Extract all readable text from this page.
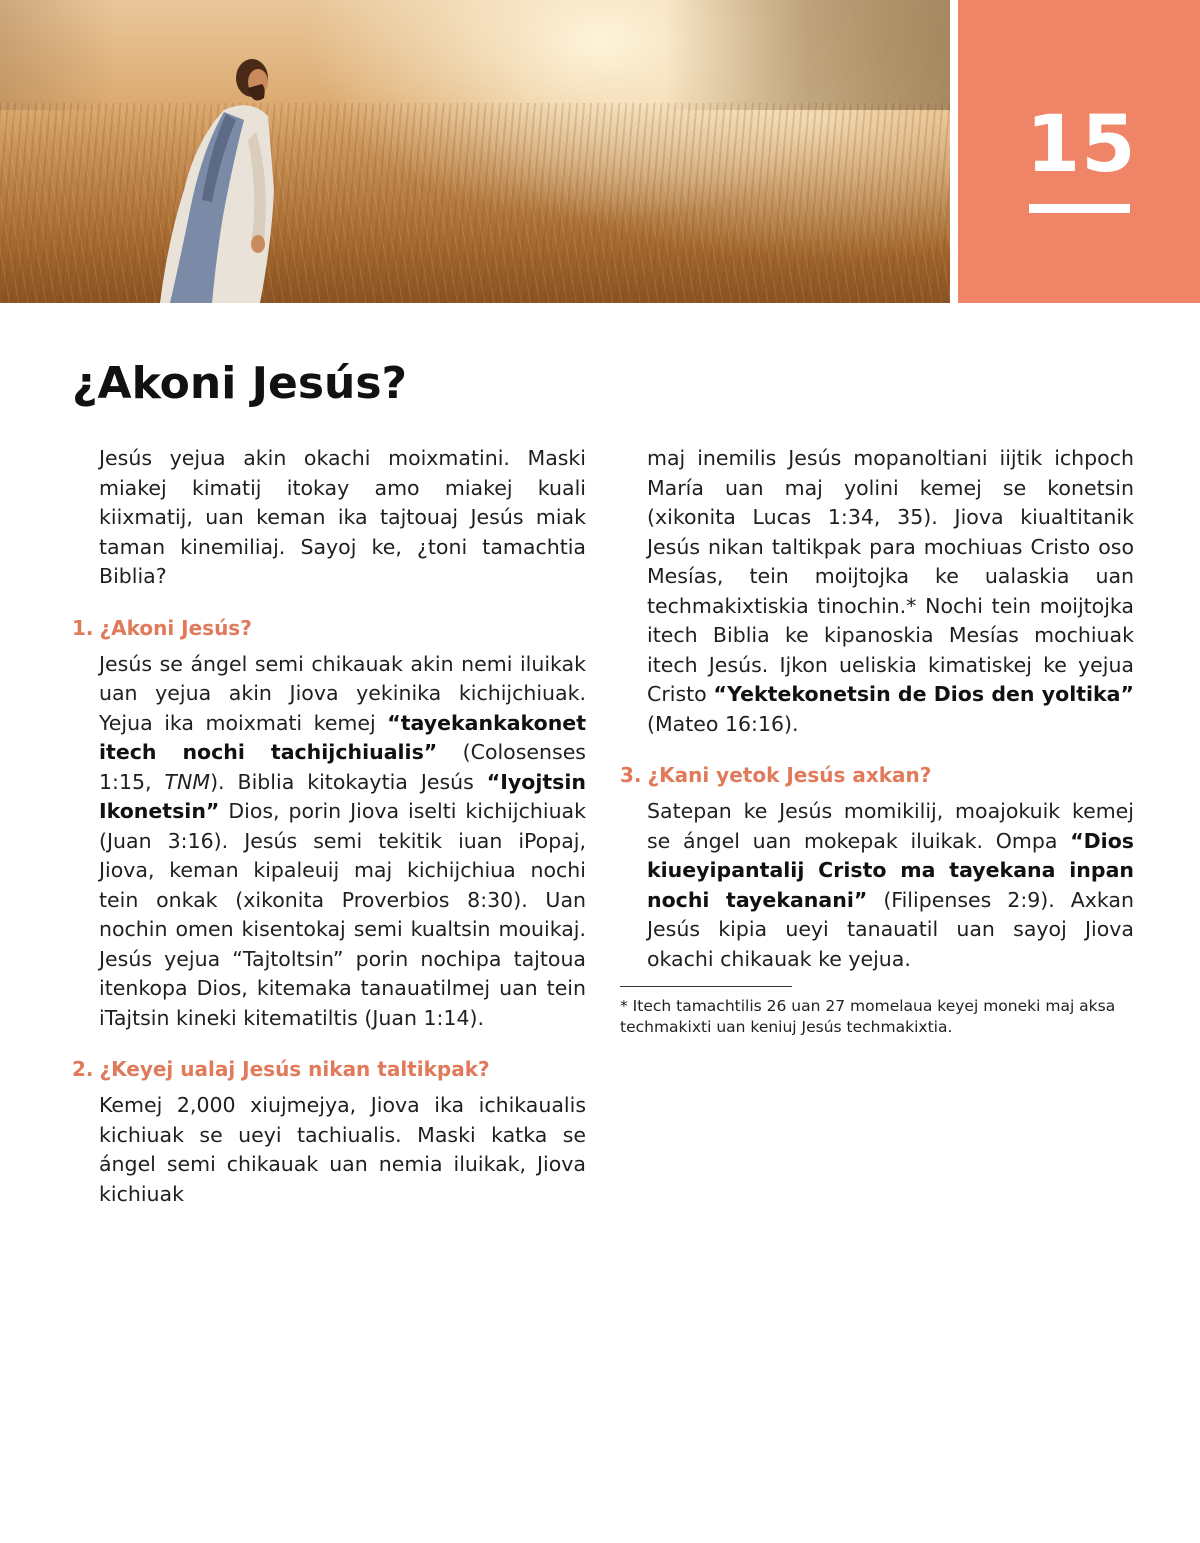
15
¿Akoni Jesús?

Jesús yejua akin okachi moixmatini. Maski miakej kimatij itokay amo miakej kuali kiixmatij, uan keman ika tajtouaj Jesús miak taman kinemiliaj. Sayoj ke, ¿toni tamachtia Biblia?

1. ¿Akoni Jesús?

Jesús se ángel semi chikauak akin nemi iluikak uan yejua akin Jiova yekinika kichijchiuak. Yejua ika moixmati kemej “tayekankakonet itech nochi tachijchiualis” (Colosenses 1:15, TNM). Biblia kitokaytia Jesús “Iyojtsin Ikonetsin” Dios, porin Jiova iselti kichijchiuak (Juan 3:16). Jesús semi tekitik iuan iPopaj, Jiova, keman kipaleuij maj kichijchiua nochi tein onkak (xikonita Proverbios 8:30). Uan nochin omen kisentokaj semi kualtsin mouikaj. Jesús yejua “Tajtoltsin” porin nochipa tajtoua itenkopa Dios, kitemaka tanauatilmej uan tein iTajtsin kineki kitematiltis (Juan 1:14).

2. ¿Keyej ualaj Jesús nikan taltikpak?

Kemej 2,000 xiujmejya, Jiova ika ichikaualis kichiuak se ueyi tachiualis. Maski katka se ángel semi chikauak uan nemia iluikak, Jiova kichiuak

maj inemilis Jesús mopanoltiani iijtik ichpoch María uan maj yolini kemej se konetsin (xikonita Lucas 1:34, 35). Jiova kiualtitanik Jesús nikan taltikpak para mochiuas Cristo oso Mesías, tein moijtojka ke ualaskia uan techmakixtiskia tinochin.* Nochi tein moijtojka itech Biblia ke kipanoskia Mesías mochiuak itech Jesús. Ijkon ueliskia kimatiskej ke yejua Cristo “Yektekonetsin de Dios den yoltika” (Mateo 16:16).

3. ¿Kani yetok Jesús axkan?

Satepan ke Jesús momikilij, moajokuik kemej se ángel uan mokepak iluikak. Ompa “Dios kiueyipantalij Cristo ma tayekana inpan nochi tayekanani” (Filipenses 2:9). Axkan Jesús kipia ueyi tanauatil uan sayoj Jiova okachi chikauak ke yejua.

* Itech tamachtilis 26 uan 27 momelaua keyej moneki maj aksa techmakixti uan keniuj Jesús techmakixtia.
